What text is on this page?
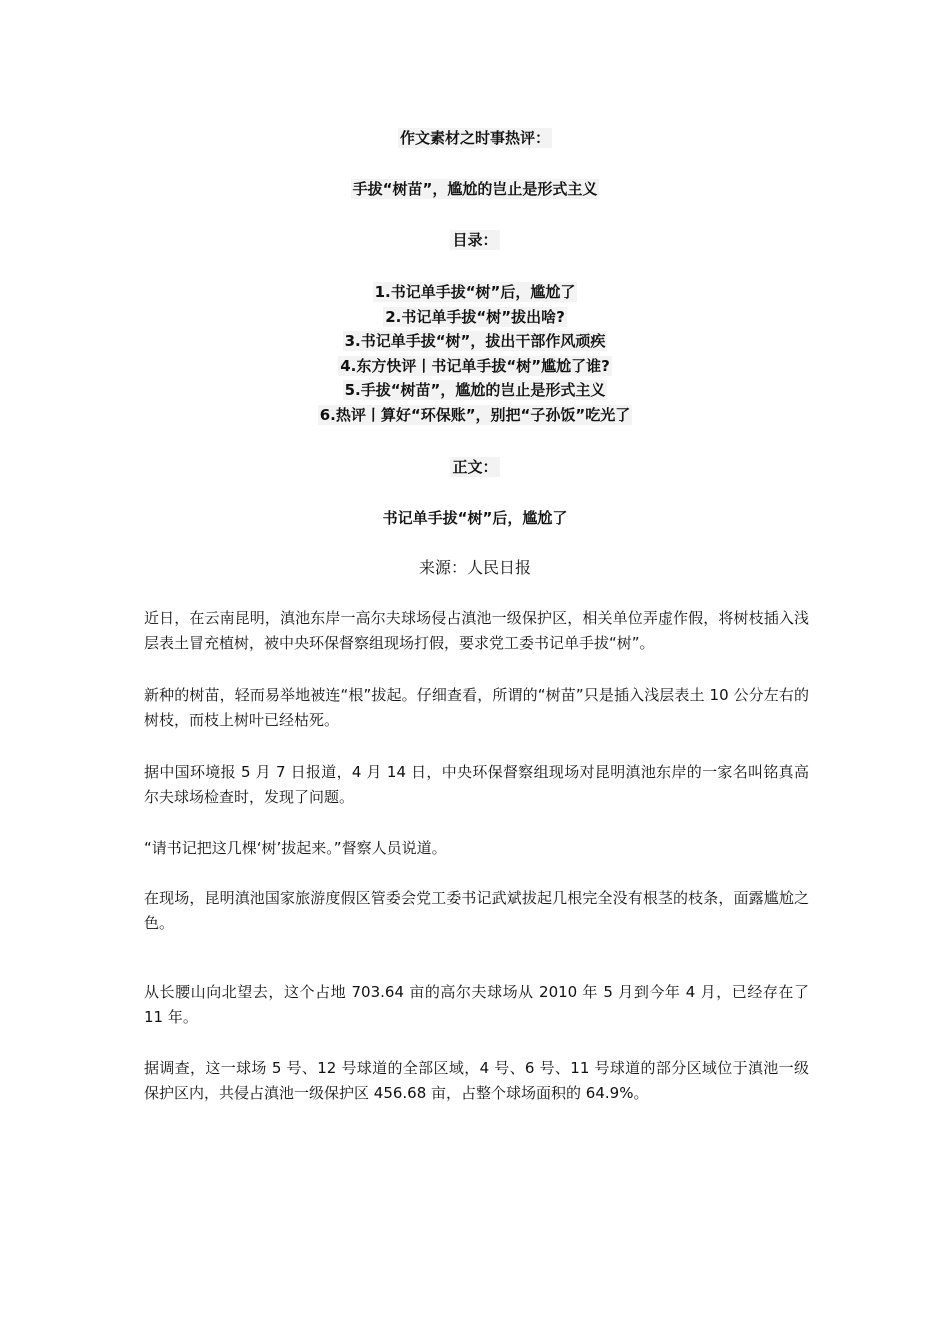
作文素材之时事热评：
手拔“树苗”，尴尬的岂止是形式主义
目录：
1.书记单手拔“树”后，尴尬了
2.书记单手拔“树”拔出啥?
3.书记单手拔“树”，拔出干部作风顽疾
4.东方快评丨书记单手拔“树”尴尬了谁?
5.手拔“树苗”，尴尬的岂止是形式主义
6.热评丨算好“环保账”，别把“子孙饭”吃光了
正文：
书记单手拔“树”后，尴尬了
来源：人民日报

近日，在云南昆明，滇池东岸一高尔夫球场侵占滇池一级保护区，相关单位弄虚作假，将树枝插入浅层表土冒充植树，被中央环保督察组现场打假，要求党工委书记单手拔“树”。

新种的树苗，轻而易举地被连“根”拔起。仔细查看，所谓的“树苗”只是插入浅层表土 10 公分左右的树枝，而枝上树叶已经枯死。

据中国环境报 5 月 7 日报道，4 月 14 日，中央环保督察组现场对昆明滇池东岸的一家名叫铭真高尔夫球场检查时，发现了问题。

“请书记把这几棵‘树’拔起来。”督察人员说道。

在现场，昆明滇池国家旅游度假区管委会党工委书记武斌拔起几根完全没有根茎的枝条，面露尴尬之色。

从长腰山向北望去，这个占地 703.64 亩的高尔夫球场从 2010 年 5 月到今年 4 月，已经存在了 11 年。

据调查，这一球场 5 号、12 号球道的全部区域，4 号、6 号、11 号球道的部分区域位于滇池一级保护区内，共侵占滇池一级保护区 456.68 亩，占整个球场面积的 64.9%。
